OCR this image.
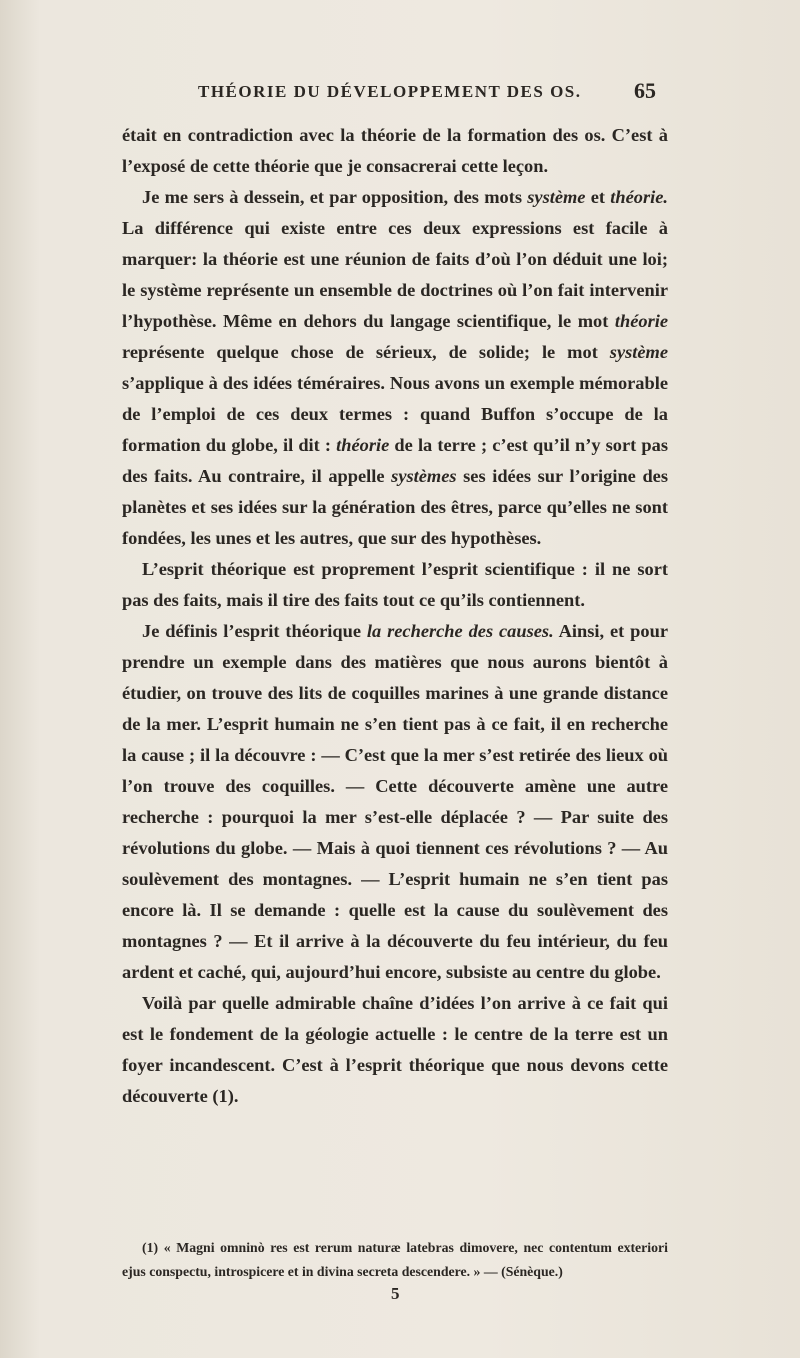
THÉORIE DU DÉVELOPPEMENT DES OS. 65

était en contradiction avec la théorie de la formation des os. C’est à l’exposé de cette théorie que je consacrerai cette leçon.

Je me sers à dessein, et par opposition, des mots système et théorie. La différence qui existe entre ces deux expressions est facile à marquer: la théorie est une réunion de faits d’où l’on déduit une loi; le système représente un ensemble de doctrines où l’on fait intervenir l’hypothèse. Même en dehors du langage scientifique, le mot théorie représente quelque chose de sérieux, de solide; le mot système s’applique à des idées téméraires. Nous avons un exemple mémorable de l’emploi de ces deux termes : quand Buffon s’occupe de la formation du globe, il dit : théorie de la terre ; c’est qu’il n’y sort pas des faits. Au contraire, il appelle systèmes ses idées sur l’origine des planètes et ses idées sur la génération des êtres, parce qu’elles ne sont fondées, les unes et les autres, que sur des hypothèses.

L’esprit théorique est proprement l’esprit scientifique : il ne sort pas des faits, mais il tire des faits tout ce qu’ils contiennent.

Je définis l’esprit théorique la recherche des causes. Ainsi, et pour prendre un exemple dans des matières que nous aurons bientôt à étudier, on trouve des lits de coquilles marines à une grande distance de la mer. L’esprit humain ne s’en tient pas à ce fait, il en recherche la cause ; il la découvre : — C’est que la mer s’est retirée des lieux où l’on trouve des coquilles. — Cette découverte amène une autre recherche : pourquoi la mer s’est-elle déplacée ? — Par suite des révolutions du globe. — Mais à quoi tiennent ces révolutions ? — Au soulèvement des montagnes. — L’esprit humain ne s’en tient pas encore là. Il se demande : quelle est la cause du soulèvement des montagnes ? — Et il arrive à la découverte du feu intérieur, du feu ardent et caché, qui, aujourd’hui encore, subsiste au centre du globe.

Voilà par quelle admirable chaîne d’idées l’on arrive à ce fait qui est le fondement de la géologie actuelle : le centre de la terre est un foyer incandescent. C’est à l’esprit théorique que nous devons cette découverte (1).

(1) « Magni omninò res est rerum naturæ latebras dimovere, nec contentum exteriori ejus conspectu, introspicere et in divina secreta descendere. » — (Sénèque.)
5
